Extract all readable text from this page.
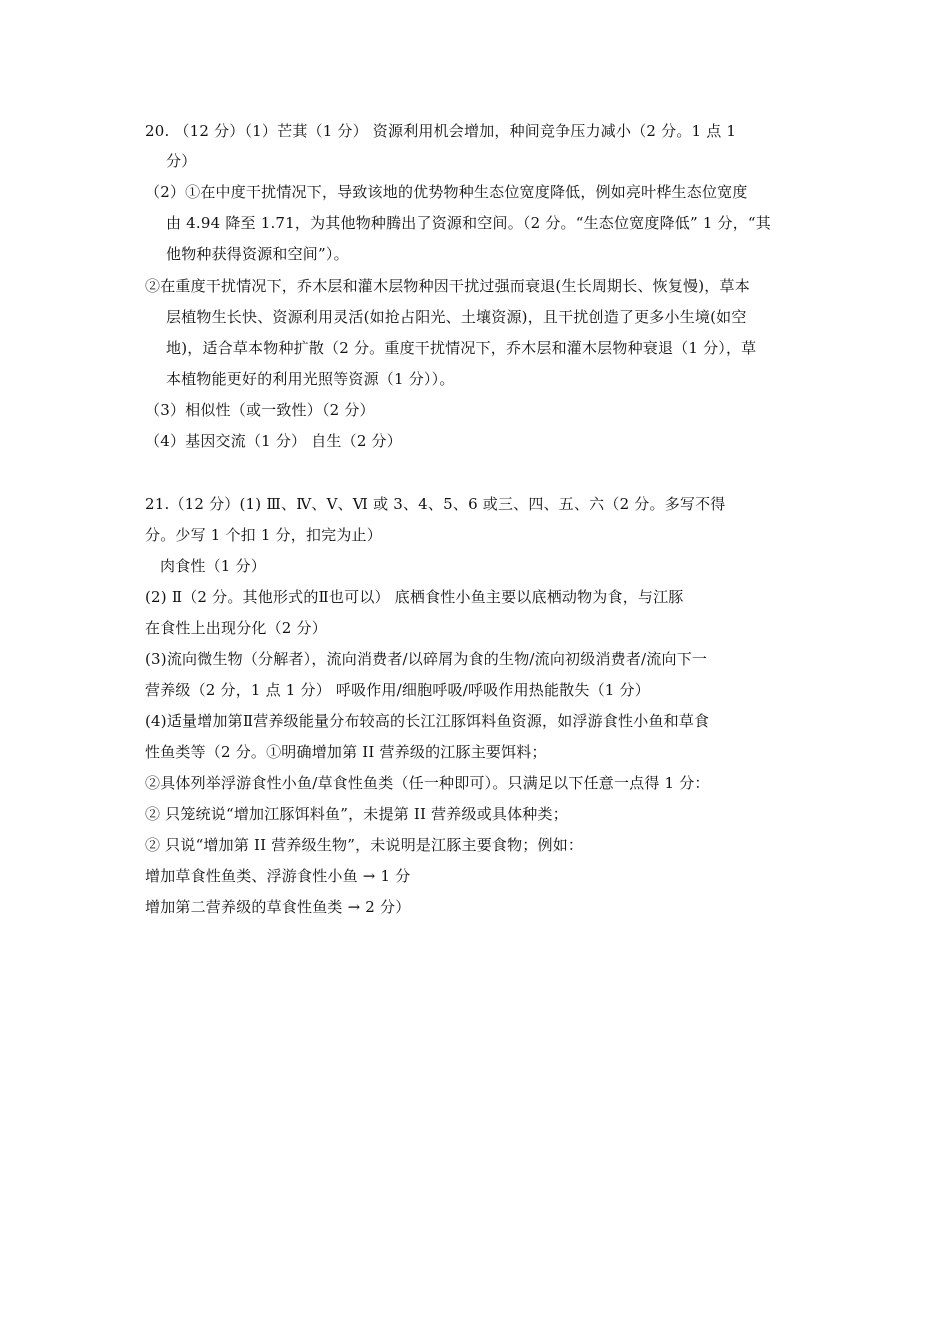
20. （12 分）（1）芒萁（1 分） 资源利用机会增加，种间竞争压力减小（2 分。1 点 1
分）
（2）①在中度干扰情况下，导致该地的优势物种生态位宽度降低，例如亮叶桦生态位宽度
由 4.94 降至 1.71，为其他物种腾出了资源和空间。（2 分。“生态位宽度降低” 1 分，“其
他物种获得资源和空间”）。
②在重度干扰情况下，乔木层和灌木层物种因干扰过强而衰退(生长周期长、恢复慢)，草本
层植物生长快、资源利用灵活(如抢占阳光、土壤资源)，且干扰创造了更多小生境(如空
地)，适合草本物种扩散（2 分。重度干扰情况下，乔木层和灌木层物种衰退（1 分），草
本植物能更好的利用光照等资源（1 分））。
（3）相似性（或一致性）（2 分）
（4）基因交流（1 分） 自生（2 分）
21.（12 分）(1) Ⅲ、Ⅳ、Ⅴ、Ⅵ 或 3、4、5、6 或三、四、五、六（2 分。多写不得
分。少写 1 个扣 1 分，扣完为止）
肉食性（1 分）
(2) Ⅱ（2 分。其他形式的Ⅱ也可以） 底栖食性小鱼主要以底栖动物为食，与江豚
在食性上出现分化（2 分）
(3)流向微生物（分解者），流向消费者/以碎屑为食的生物/流向初级消费者/流向下一
营养级（2 分，1 点 1 分） 呼吸作用/细胞呼吸/呼吸作用热能散失（1 分）
(4)适量增加第Ⅱ营养级能量分布较高的长江江豚饵料鱼资源，如浮游食性小鱼和草食
性鱼类等（2 分。①明确增加第 II 营养级的江豚主要饵料；
②具体列举浮游食性小鱼/草食性鱼类（任一种即可）。只满足以下任意一点得 1 分：
② 只笼统说“增加江豚饵料鱼”，未提第 II 营养级或具体种类；
② 只说“增加第 II 营养级生物”，未说明是江豚主要食物；例如：
增加草食性鱼类、浮游食性小鱼 → 1 分
增加第二营养级的草食性鱼类 → 2 分）
